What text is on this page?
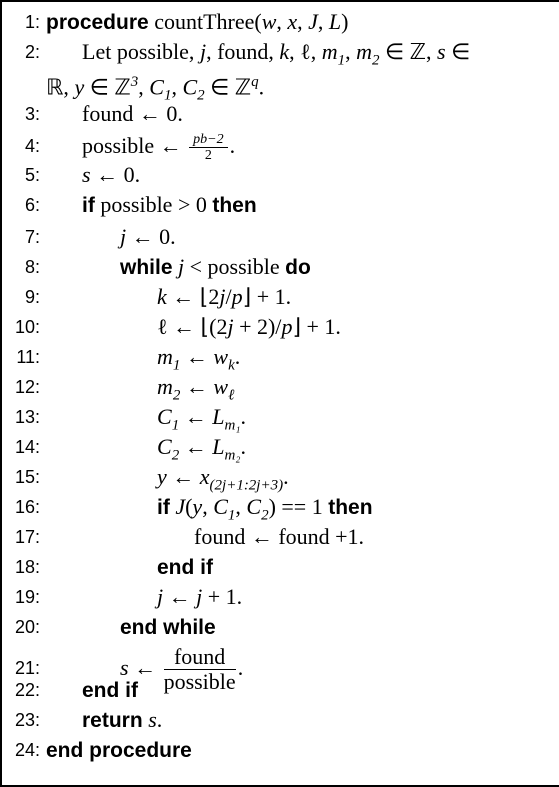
1: procedure countThree(w, x, J, L)
2: Let possible, j, found, k, ℓ, $m_1$, $m_2$ ∈ ℤ, s ∈
ℝ, y ∈ ℤ$^3$, $C_1$, $C_2$ ∈ ℤ$^q$.
3: found ← 0.
4: possible ← $\frac{pb-2}{2}$ .
5: s ← 0.
6: if possible > 0 then
7:	j ← 0.
8:	while j < possible do
9:	k ← ⌊2j/p⌋ + 1.
10:	ℓ ← ⌊(2j + 2)/p⌋ + 1.
11:	$m_1$ ← $w_k$.
12:	$m_2$ ← $w_\ell$
13:	$C_1$ ← $L_{m_1}$.
14:	$C_2$ ← $L_{m_2}$.
15:	y ← $x_{(2j+1:2j+3)}$.
16:	if J(y, $C_1$, $C_2) == 1$ then
17:	found ← found +1.
18:	end if
19:	j ← j + 1.
20:	end while
21:	s ← $\frac{\text{found}}{\text{possible}}$ .
22: end if
23: return s.
24: end procedure
